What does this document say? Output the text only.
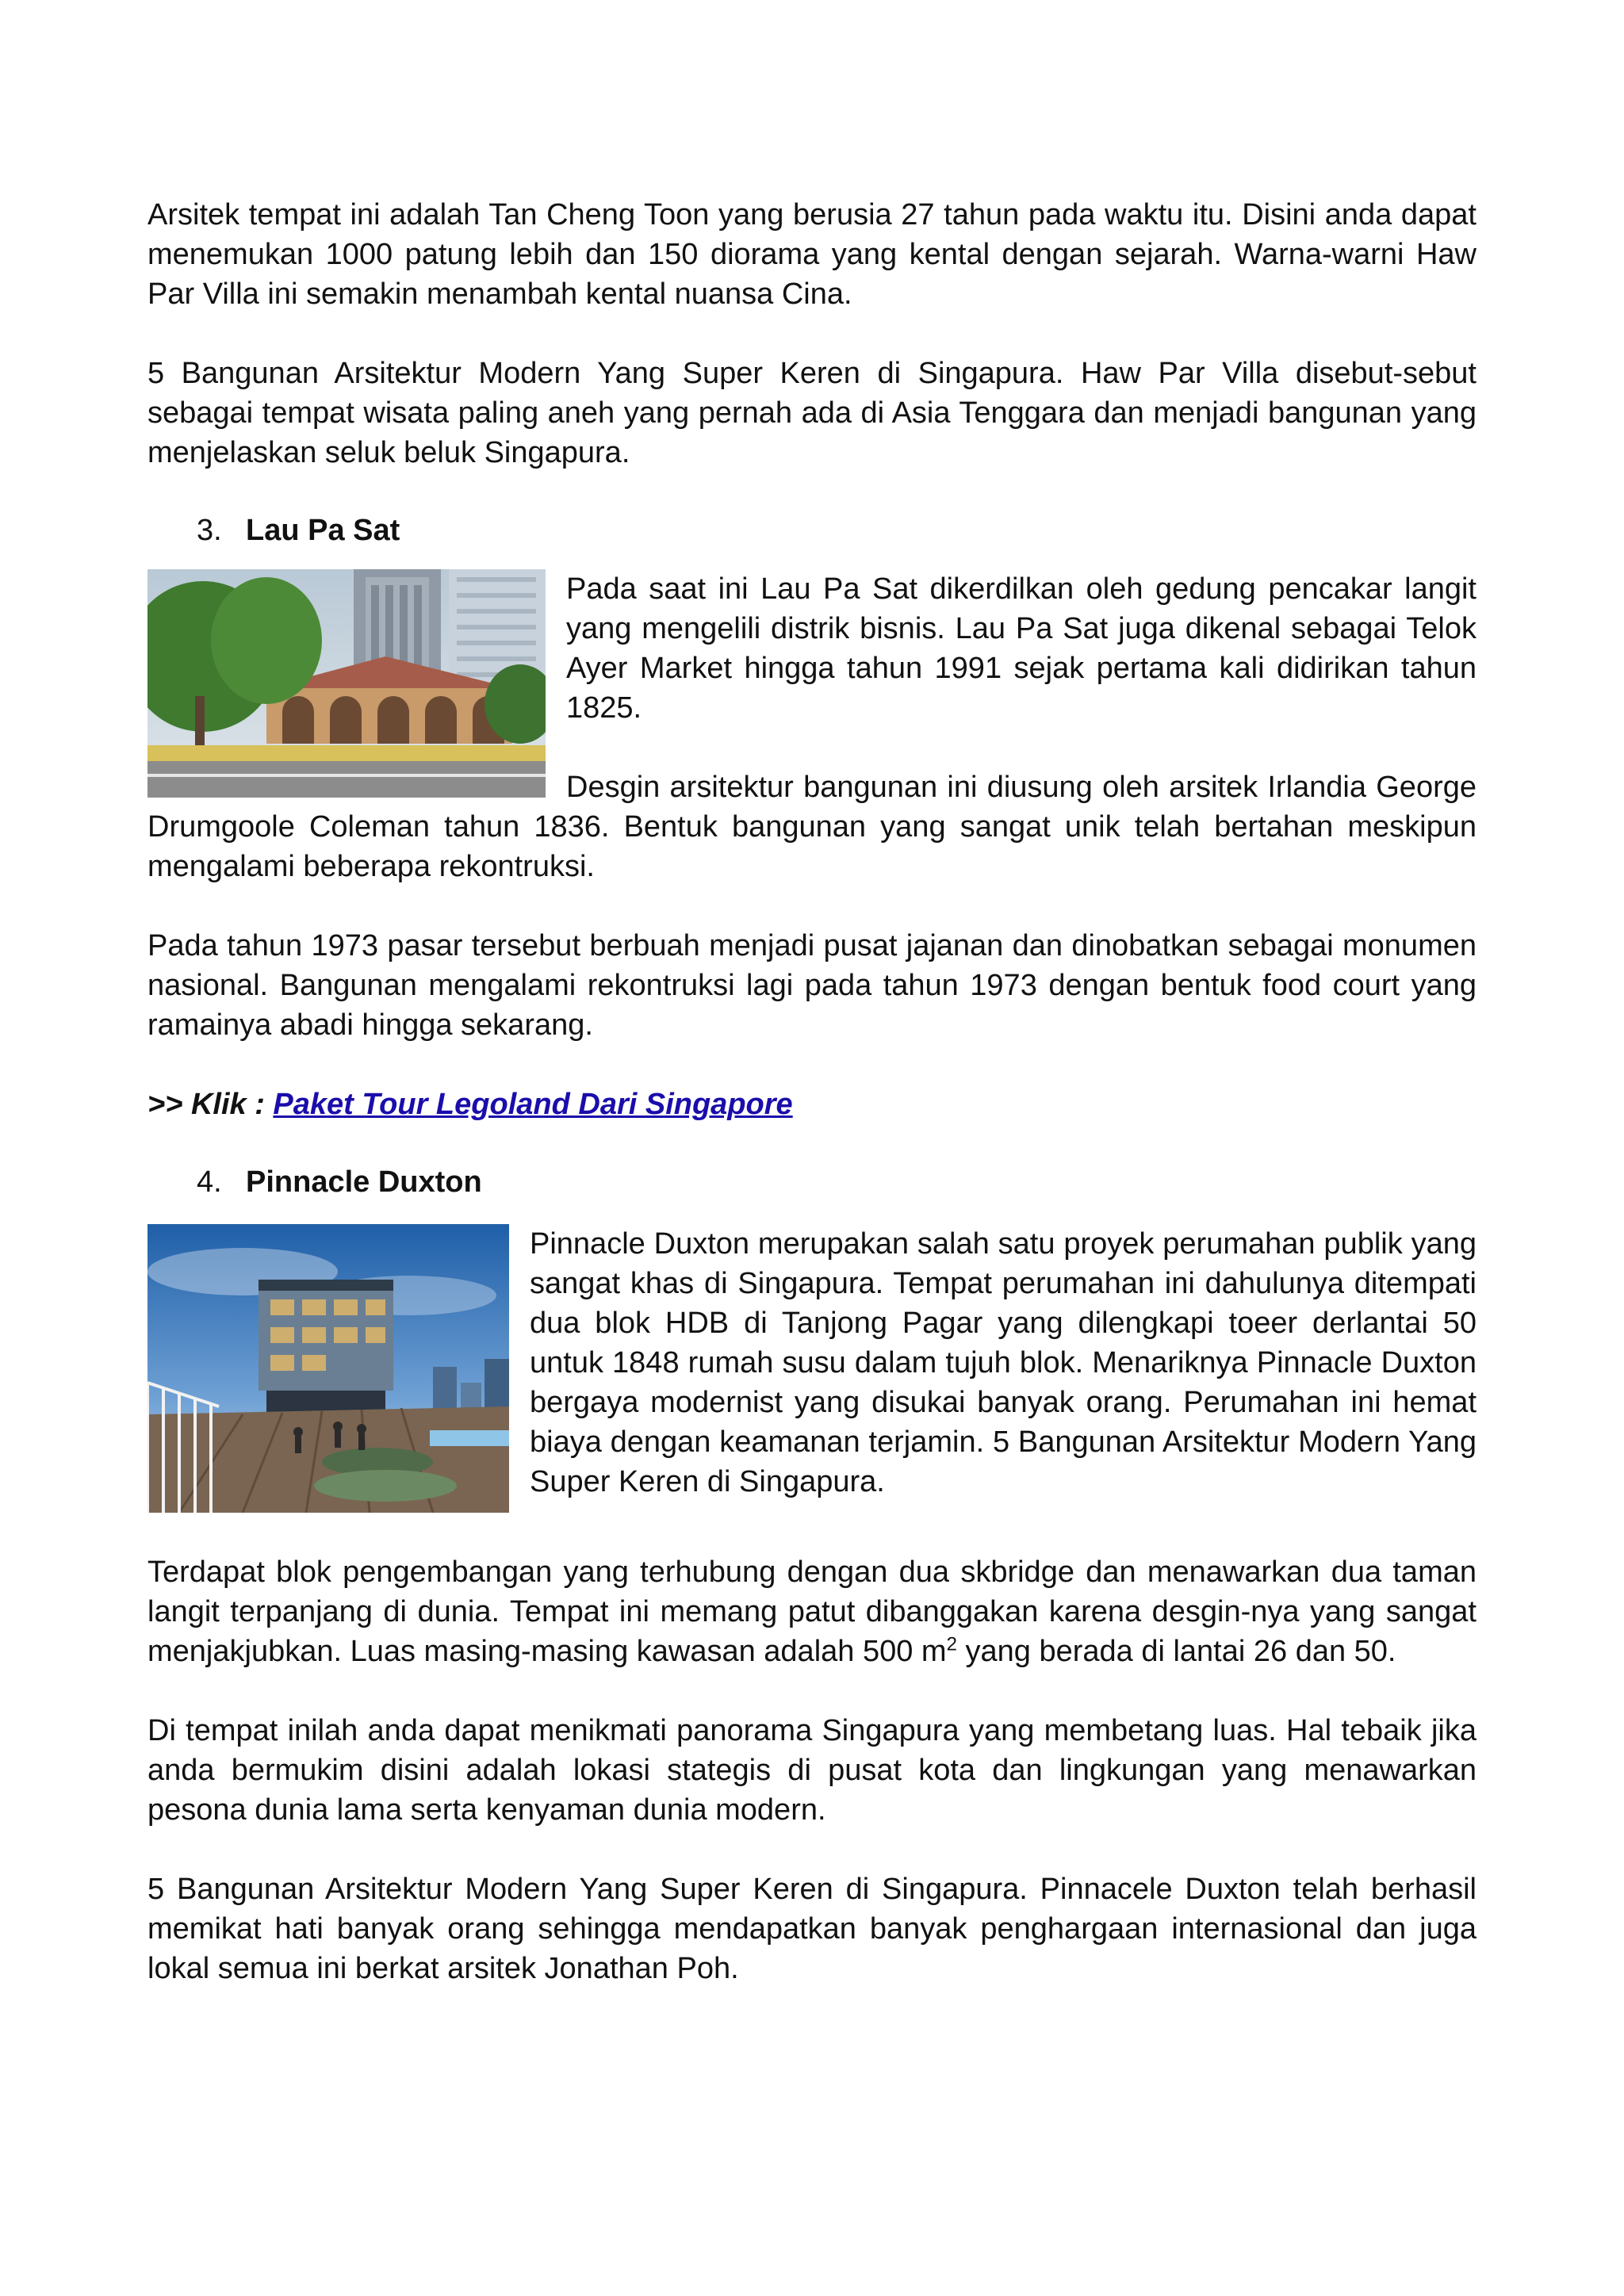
Arsitek tempat ini adalah Tan Cheng Toon yang berusia 27 tahun pada waktu itu. Disini anda dapat menemukan 1000 patung lebih dan 150 diorama yang kental dengan sejarah. Warna-warni Haw Par Villa ini semakin menambah kental nuansa Cina.

5 Bangunan Arsitektur Modern Yang Super Keren di Singapura. Haw Par Villa disebut-sebut sebagai tempat wisata paling aneh yang pernah ada di Asia Tenggara dan menjadi bangunan yang menjelaskan seluk beluk Singapura.

3. Lau Pa Sat

Pada saat ini Lau Pa Sat dikerdilkan oleh gedung pencakar langit yang mengelili distrik bisnis. Lau Pa Sat juga dikenal sebagai Telok Ayer Market hingga tahun 1991 sejak pertama kali didirikan tahun 1825.

Desgin arsitektur bangunan ini diusung oleh arsitek Irlandia George Drumgoole Coleman tahun 1836. Bentuk bangunan yang sangat unik telah bertahan meskipun mengalami beberapa rekontruksi.

Pada tahun 1973 pasar tersebut berbuah menjadi pusat jajanan dan dinobatkan sebagai monumen nasional. Bangunan mengalami rekontruksi lagi pada tahun 1973 dengan bentuk food court yang ramainya abadi hingga sekarang.

>> Klik : Paket Tour Legoland Dari Singapore

4. Pinnacle Duxton

Pinnacle Duxton merupakan salah satu proyek perumahan publik yang sangat khas di Singapura. Tempat perumahan ini dahulunya ditempati dua blok HDB di Tanjong Pagar yang dilengkapi toeer derlantai 50 untuk 1848 rumah susu dalam tujuh blok. Menariknya Pinnacle Duxton bergaya modernist yang disukai banyak orang. Perumahan ini hemat biaya dengan keamanan terjamin. 5 Bangunan Arsitektur Modern Yang Super Keren di Singapura.

Terdapat blok pengembangan yang terhubung dengan dua skbridge dan menawarkan dua taman langit terpanjang di dunia. Tempat ini memang patut dibanggakan karena desgin-nya yang sangat menjakjubkan. Luas masing-masing kawasan adalah 500 $m^2$ yang berada di lantai 26 dan 50.

Di tempat inilah anda dapat menikmati panorama Singapura yang membetang luas. Hal tebaik jika anda bermukim disini adalah lokasi stategis di pusat kota dan lingkungan yang menawarkan pesona dunia lama serta kenyaman dunia modern.

5 Bangunan Arsitektur Modern Yang Super Keren di Singapura. Pinnacele Duxton telah berhasil memikat hati banyak orang sehingga mendapatkan banyak penghargaan internasional dan juga lokal semua ini berkat arsitek Jonathan Poh.
